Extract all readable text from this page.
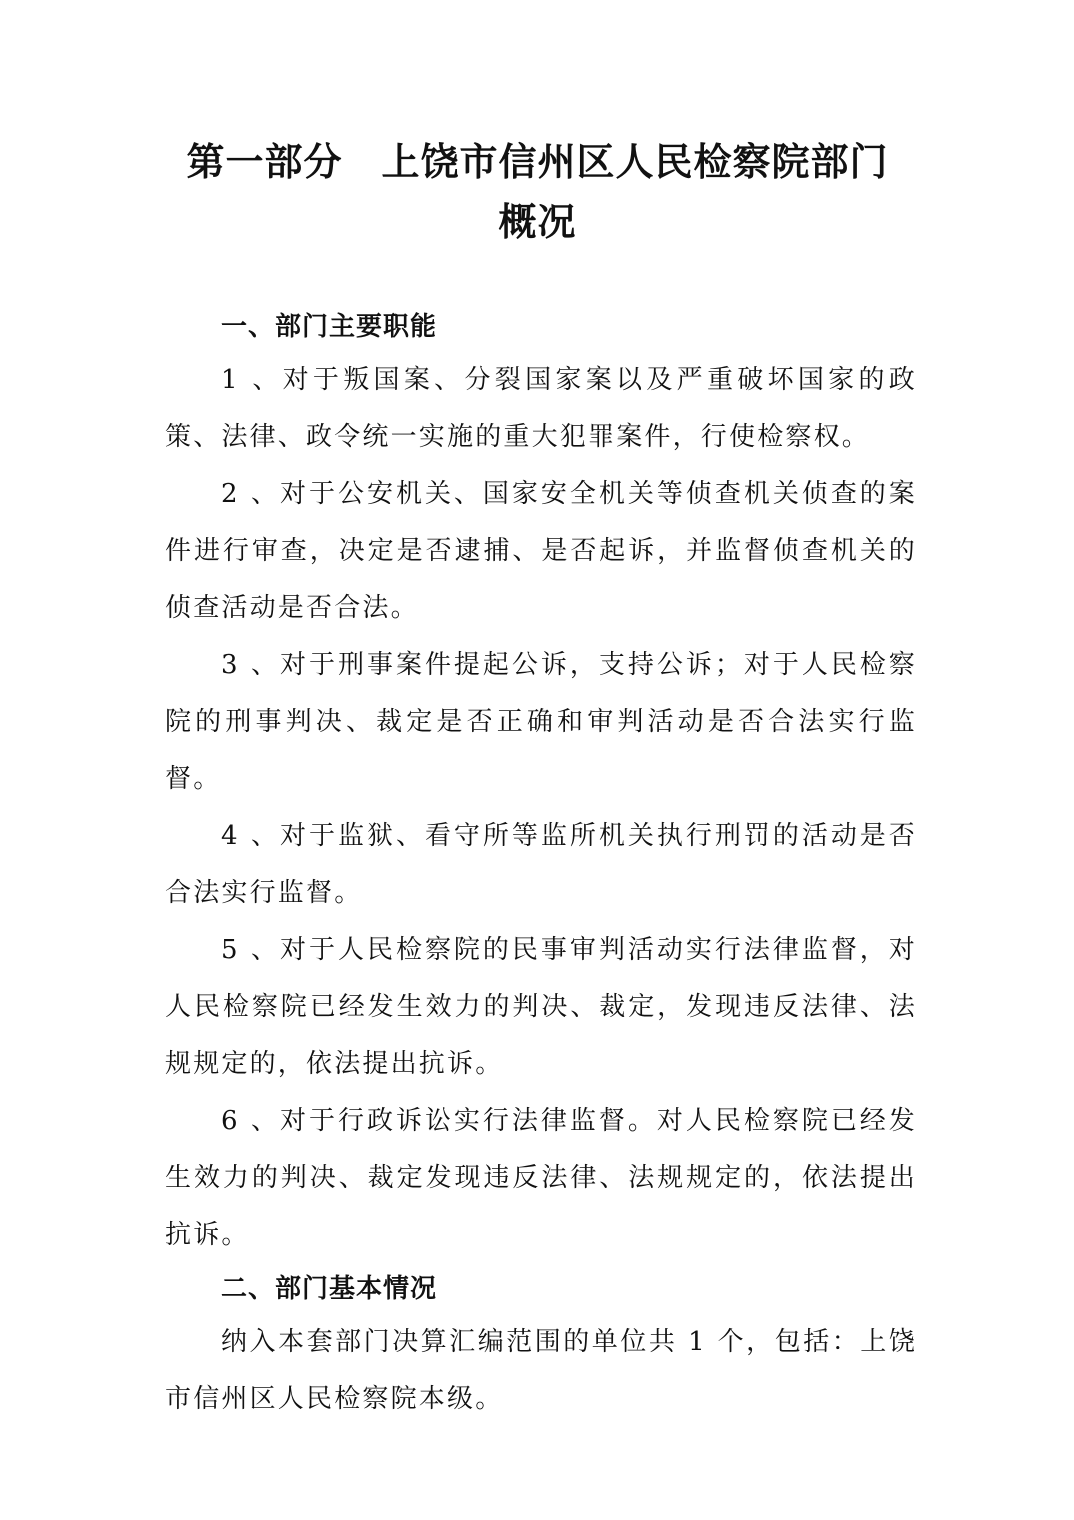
第一部分　上饶市信州区人民检察院部门
概况
一、部门主要职能

1 、对于叛国案、分裂国家案以及严重破坏国家的政策、法律、政令统一实施的重大犯罪案件，行使检察权。

2 、对于公安机关、国家安全机关等侦查机关侦查的案件进行审查，决定是否逮捕、是否起诉，并监督侦查机关的侦查活动是否合法。

3 、对于刑事案件提起公诉，支持公诉；对于人民检察院的刑事判决、裁定是否正确和审判活动是否合法实行监督。

4 、对于监狱、看守所等监所机关执行刑罚的活动是否合法实行监督。

5 、对于人民检察院的民事审判活动实行法律监督，对人民检察院已经发生效力的判决、裁定，发现违反法律、法规规定的，依法提出抗诉。

6 、对于行政诉讼实行法律监督。对人民检察院已经发生效力的判决、裁定发现违反法律、法规规定的，依法提出抗诉。

二、部门基本情况

纳入本套部门决算汇编范围的单位共 1 个，包括：上饶市信州区人民检察院本级。
